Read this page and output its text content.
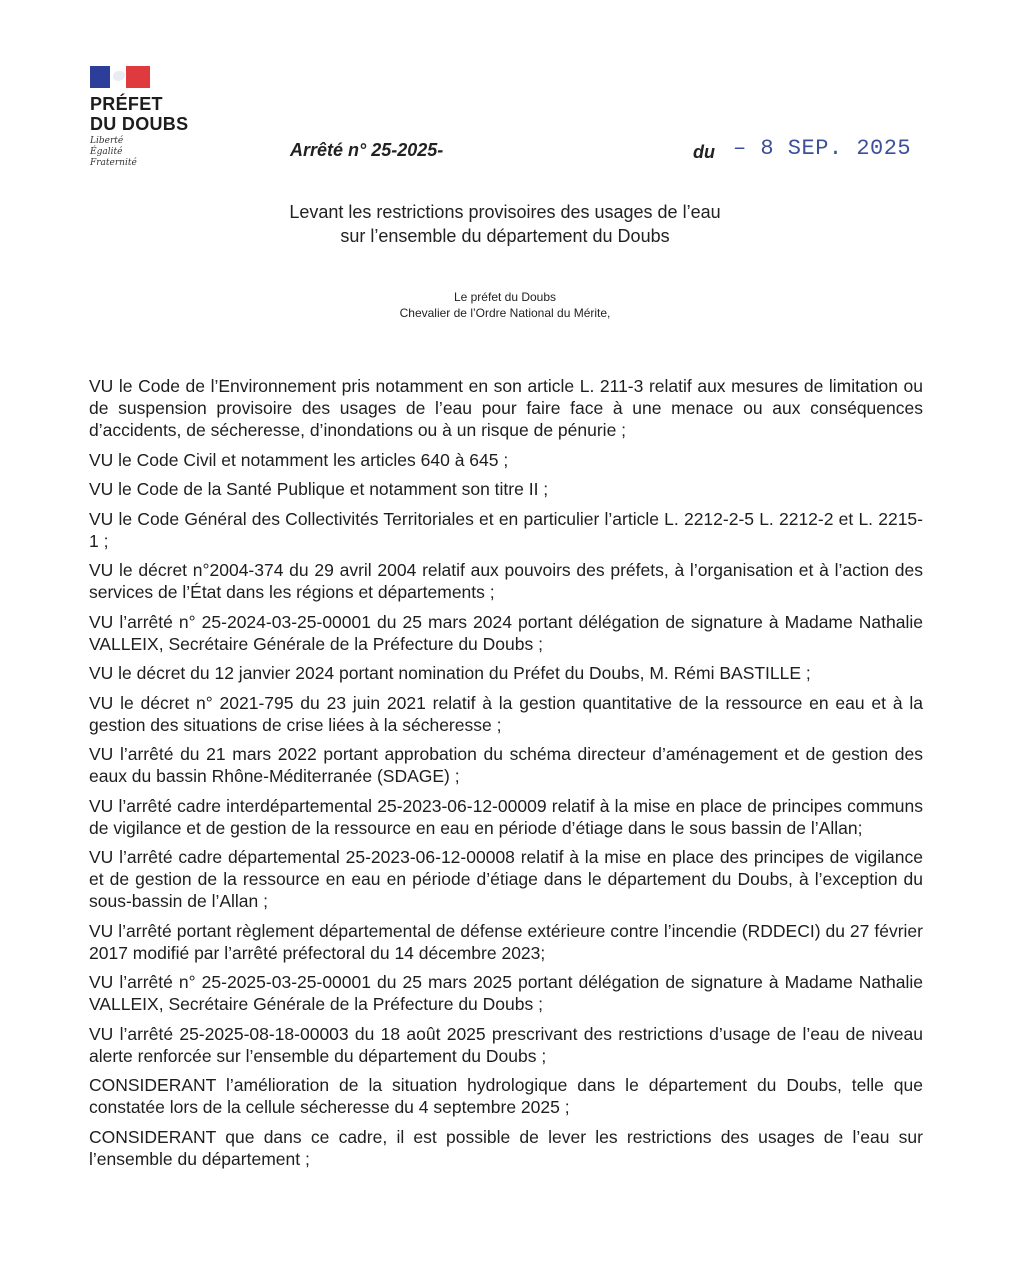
PRÉFET
DU DOUBS
Liberté
Égalité
Fraternité
Arrêté n° 25-2025-	du – 8 SEP. 2025
Levant les restrictions provisoires des usages de l’eau
sur l’ensemble du département du Doubs
Le préfet du Doubs
Chevalier de l’Ordre National du Mérite,

VU le Code de l’Environnement pris notamment en son article L. 211-3 relatif aux mesures de limitation ou de suspension provisoire des usages de l’eau pour faire face à une menace ou aux conséquences d’accidents, de sécheresse, d’inondations ou à un risque de pénurie ;

VU le Code Civil et notamment les articles 640 à 645 ;

VU le Code de la Santé Publique et notamment son titre II ;

VU le Code Général des Collectivités Territoriales et en particulier l’article L. 2212-2-5 L. 2212-2 et L. 2215-1 ;

VU le décret n°2004-374 du 29 avril 2004 relatif aux pouvoirs des préfets, à l’organisation et à l’action des services de l’État dans les régions et départements ;

VU l’arrêté n° 25-2024-03-25-00001 du 25 mars 2024 portant délégation de signature à Madame Nathalie VALLEIX, Secrétaire Générale de la Préfecture du Doubs ;

VU le décret du 12 janvier 2024 portant nomination du Préfet du Doubs, M. Rémi BASTILLE ;

VU le décret n° 2021-795 du 23 juin 2021 relatif à la gestion quantitative de la ressource en eau et à la gestion des situations de crise liées à la sécheresse ;

VU l’arrêté du 21 mars 2022 portant approbation du schéma directeur d’aménagement et de gestion des eaux du bassin Rhône-Méditerranée (SDAGE) ;

VU l’arrêté cadre interdépartemental 25-2023-06-12-00009 relatif à la mise en place de principes communs de vigilance et de gestion de la ressource en eau en période d’étiage dans le sous bassin de l’Allan;

VU l’arrêté cadre départemental 25-2023-06-12-00008 relatif à la mise en place des principes de vigilance et de gestion de la ressource en eau en période d’étiage dans le département du Doubs, à l’exception du sous-bassin de l’Allan ;

VU l’arrêté portant règlement départemental de défense extérieure contre l’incendie (RDDECI) du 27 février 2017 modifié par l’arrêté préfectoral du 14 décembre 2023;

VU l’arrêté n° 25-2025-03-25-00001 du 25 mars 2025 portant délégation de signature à Madame Nathalie VALLEIX, Secrétaire Générale de la Préfecture du Doubs ;

VU l’arrêté 25-2025-08-18-00003 du 18 août 2025 prescrivant des restrictions d’usage de l’eau de niveau alerte renforcée sur l’ensemble du département du Doubs ;

CONSIDERANT l’amélioration de la situation hydrologique dans le département du Doubs, telle que constatée lors de la cellule sécheresse du 4 septembre 2025 ;

CONSIDERANT que dans ce cadre, il est possible de lever les restrictions des usages de l’eau sur l’ensemble du département ;
